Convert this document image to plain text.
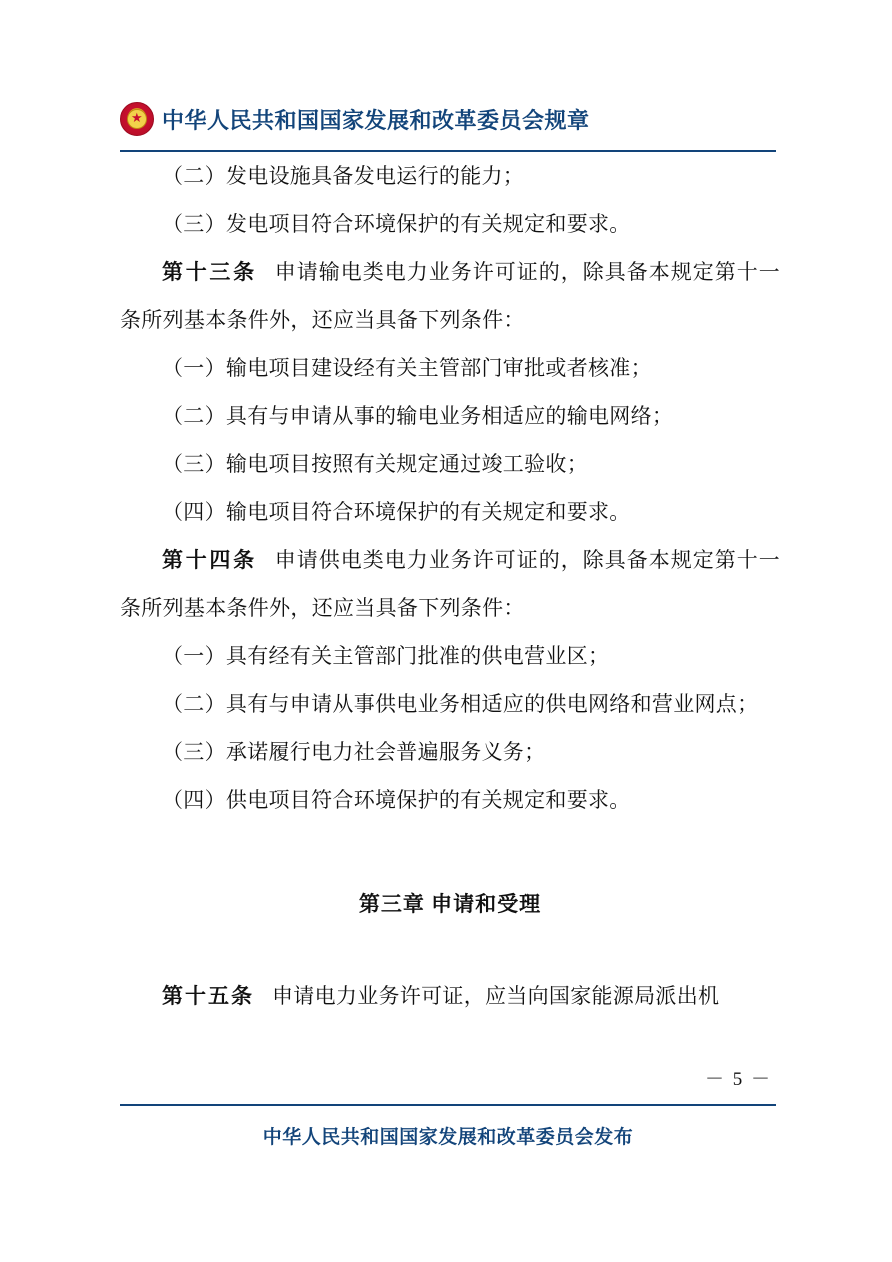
中华人民共和国国家发展和改革委员会规章

（二）发电设施具备发电运行的能力；

（三）发电项目符合环境保护的有关规定和要求。

第十三条 申请输电类电力业务许可证的，除具备本规定第十一条所列基本条件外，还应当具备下列条件：

（一）输电项目建设经有关主管部门审批或者核准；

（二）具有与申请从事的输电业务相适应的输电网络；

（三）输电项目按照有关规定通过竣工验收；

（四）输电项目符合环境保护的有关规定和要求。

第十四条 申请供电类电力业务许可证的，除具备本规定第十一条所列基本条件外，还应当具备下列条件：

（一）具有经有关主管部门批准的供电营业区；

（二）具有与申请从事供电业务相适应的供电网络和营业网点；

（三）承诺履行电力社会普遍服务义务；

（四）供电项目符合环境保护的有关规定和要求。

第三章 申请和受理

第十五条 申请电力业务许可证，应当向国家能源局派出机

－ 5 －
中华人民共和国国家发展和改革委员会发布
